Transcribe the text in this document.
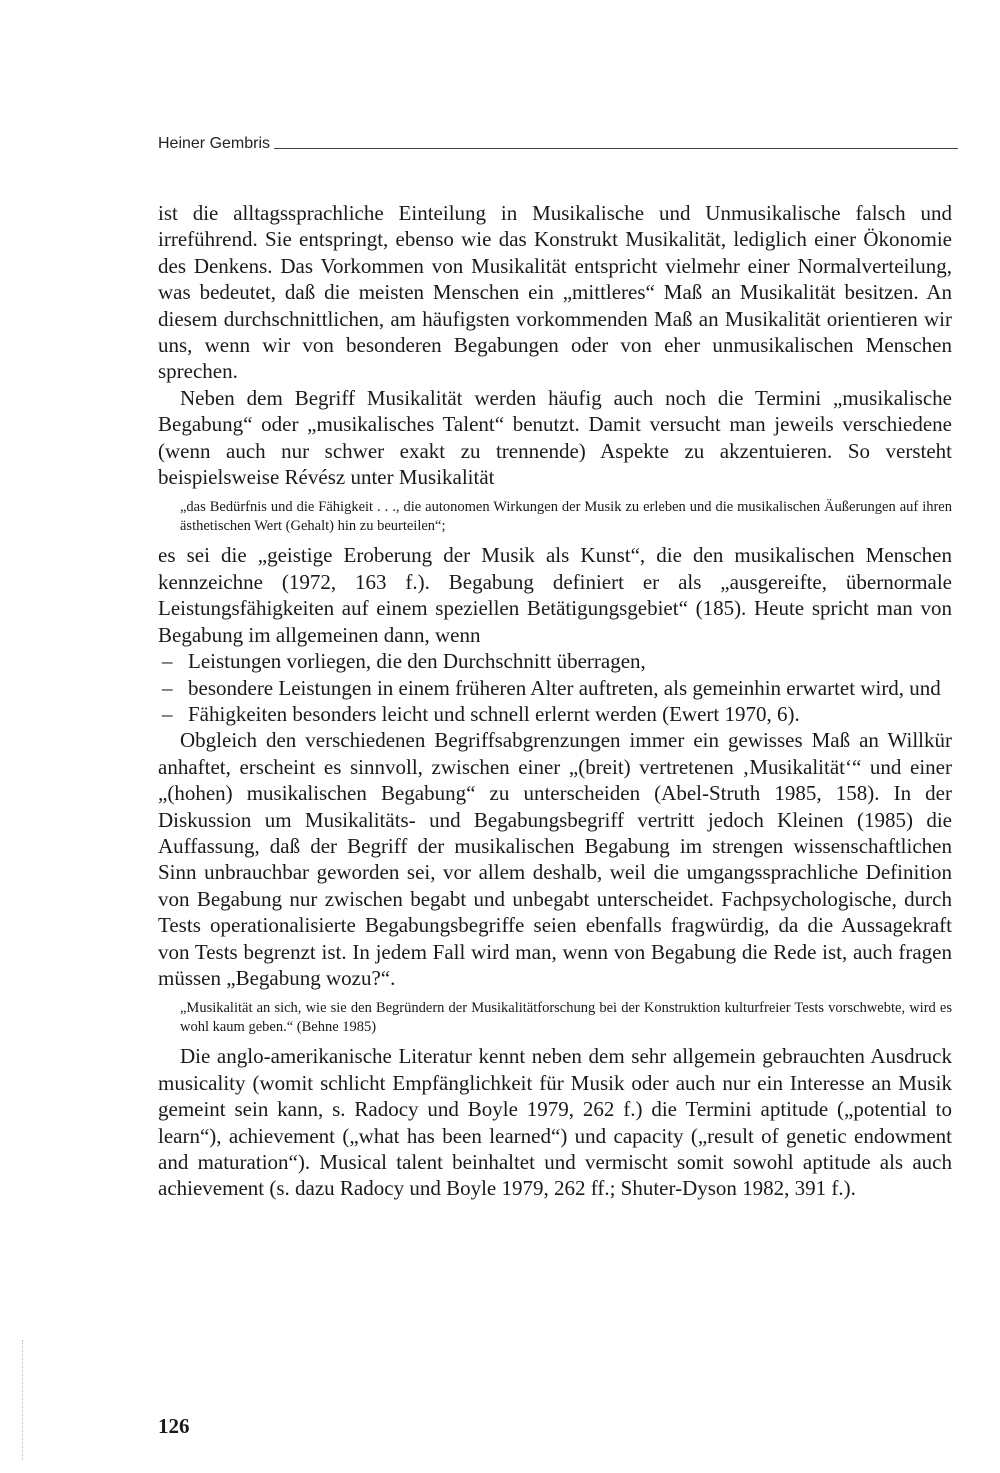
Heiner Gembris

ist die alltagssprachliche Einteilung in Musikalische und Unmusikalische falsch und irreführend. Sie entspringt, ebenso wie das Konstrukt Musikalität, lediglich einer Ökonomie des Denkens. Das Vorkommen von Musikalität entspricht vielmehr einer Normalverteilung, was bedeutet, daß die meisten Menschen ein „mittleres“ Maß an Musikalität besitzen. An diesem durchschnittlichen, am häufigsten vorkommenden Maß an Musikalität orientieren wir uns, wenn wir von besonderen Begabungen oder von eher unmusikalischen Menschen sprechen.

Neben dem Begriff Musikalität werden häufig auch noch die Termini „musikalische Begabung“ oder „musikalisches Talent“ benutzt. Damit versucht man jeweils verschiedene (wenn auch nur schwer exakt zu trennende) Aspekte zu akzentuieren. So versteht beispielsweise Révész unter Musikalität

„das Bedürfnis und die Fähigkeit . . ., die autonomen Wirkungen der Musik zu erleben und die musikalischen Äußerungen auf ihren ästhetischen Wert (Gehalt) hin zu beurteilen“;

es sei die „geistige Eroberung der Musik als Kunst“, die den musikalischen Menschen kennzeichne (1972, 163 f.). Begabung definiert er als „ausgereifte, übernormale Leistungsfähigkeiten auf einem speziellen Betätigungsgebiet“ (185). Heute spricht man von Begabung im allgemeinen dann, wenn

– Leistungen vorliegen, die den Durchschnitt überragen,
– besondere Leistungen in einem früheren Alter auftreten, als gemeinhin erwartet wird, und
– Fähigkeiten besonders leicht und schnell erlernt werden (Ewert 1970, 6).

Obgleich den verschiedenen Begriffsabgrenzungen immer ein gewisses Maß an Willkür anhaftet, erscheint es sinnvoll, zwischen einer „(breit) vertretenen ‚Musikalität‘“ und einer „(hohen) musikalischen Begabung“ zu unterscheiden (Abel-Struth 1985, 158). In der Diskussion um Musikalitäts- und Begabungsbegriff vertritt jedoch Kleinen (1985) die Auffassung, daß der Begriff der musikalischen Begabung im strengen wissenschaftlichen Sinn unbrauchbar geworden sei, vor allem deshalb, weil die umgangssprachliche Definition von Begabung nur zwischen begabt und unbegabt unterscheidet. Fachpsychologische, durch Tests operationalisierte Begabungsbegriffe seien ebenfalls fragwürdig, da die Aussagekraft von Tests begrenzt ist. In jedem Fall wird man, wenn von Begabung die Rede ist, auch fragen müssen „Begabung wozu?“.

„Musikalität an sich, wie sie den Begründern der Musikalitätforschung bei der Konstruktion kulturfreier Tests vorschwebte, wird es wohl kaum geben.“ (Behne 1985)

Die anglo-amerikanische Literatur kennt neben dem sehr allgemein gebrauchten Ausdruck musicality (womit schlicht Empfänglichkeit für Musik oder auch nur ein Interesse an Musik gemeint sein kann, s. Radocy und Boyle 1979, 262 f.) die Termini aptitude („potential to learn“), achievement („what has been learned“) und capacity („result of genetic endowment and maturation“). Musical talent beinhaltet und vermischt somit sowohl aptitude als auch achievement (s. dazu Radocy und Boyle 1979, 262 ff.; Shuter-Dyson 1982, 391 f.).

126
